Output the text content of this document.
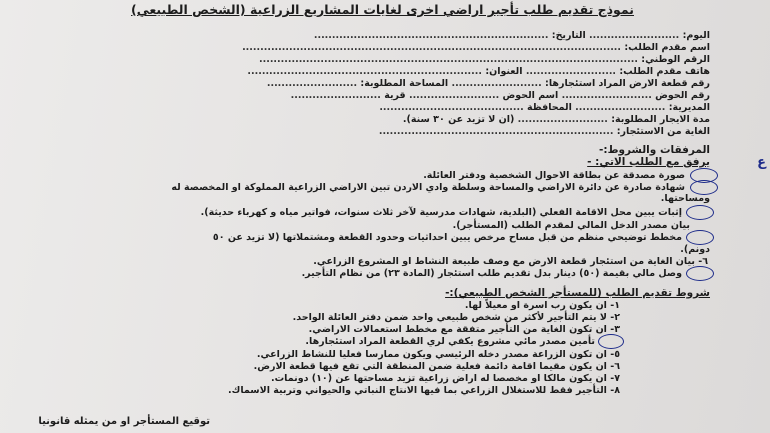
نموذج تقديم طلب تأجير اراضي اخرى لغايات المشاريع الزراعية (الشخص الطبيعي)
اليوم: ......................... التاريخ: .................................................................
اسم مقدم الطلب: .........................................................................................................
الرقم الوطني: .........................................................................................................
هاتف مقدم الطلب: ......................... العنوان: .................................................................
رقم قطعة الارض المراد استئجارها: ......................... المساحة المطلوبة: .........................
رقم الحوض ......................... اسم الحوض ......................... قرية .........................
المديرية: ......................... المحافظة ........................................
مدة الايجار المطلوبة: ......................... (ان لا تزيد عن ٣٠ سنة).
الغاية من الاستئجار: .................................................................
المرفقات والشروط:-
يرفق مع الطلب الاتي: -
صورة مصدقة عن بطاقة الاحوال الشخصية ودفتر العائلة.
شهادة صادرة عن دائرة الاراضي والمساحة وسلطة وادي الاردن تبين الاراضي الزراعية المملوكة او المخصصة له
ومساحتها.
إثبات يبين محل الاقامة الفعلي (البلدية، شهادات مدرسية لآخر ثلاث سنوات، فواتير مياه و كهرباء حديثة).
بيان مصدر الدخل المالي لمقدم الطلب (المستأجر).
مخطط توضيحي منظم من قبل مساح مرخص يبين احداثيات وحدود القطعة ومشتملاتها (لا تزيد عن ٥٠
دونم).
٦- بيان الغاية من استئجار قطعة الارض مع وصف طبيعة النشاط او المشروع الزراعي.
وصل مالي بقيمة (٥٠) دينار بدل تقديم طلب استئجار (المادة ٢٣) من نظام التأجير.
ع
شروط تقديم الطلب (للمستأجر الشخص الطبيعي):-
١- ان يكون رب اسرة او معيلاً لها.
٢- لا يتم التأجير لأكثر من شخص طبيعي واحد ضمن دفتر العائلة الواحد.
٣- ان تكون الغاية من التأجير متفقة مع مخطط استعمالات الاراضي.
تأمين مصدر مائي مشروع يكفي لري القطعة المراد استئجارها.
٥- ان تكون الزراعة مصدر دخله الرئيسي ويكون ممارسا فعليا للنشاط الزراعي.
٦- ان يكون مقيما اقامة دائمة فعلية ضمن المنطقة التي تقع فيها قطعة الارض.
٧- ان يكون مالكا او مخصصا له اراض زراعية تزيد مساحتها عن (١٠) دونمات.
٨- التأجير فقط للاستغلال الزراعي بما فيها الانتاج النباتي والحيواني وتربية الاسماك.
توقيع المستأجر او من يمثله قانونيا
